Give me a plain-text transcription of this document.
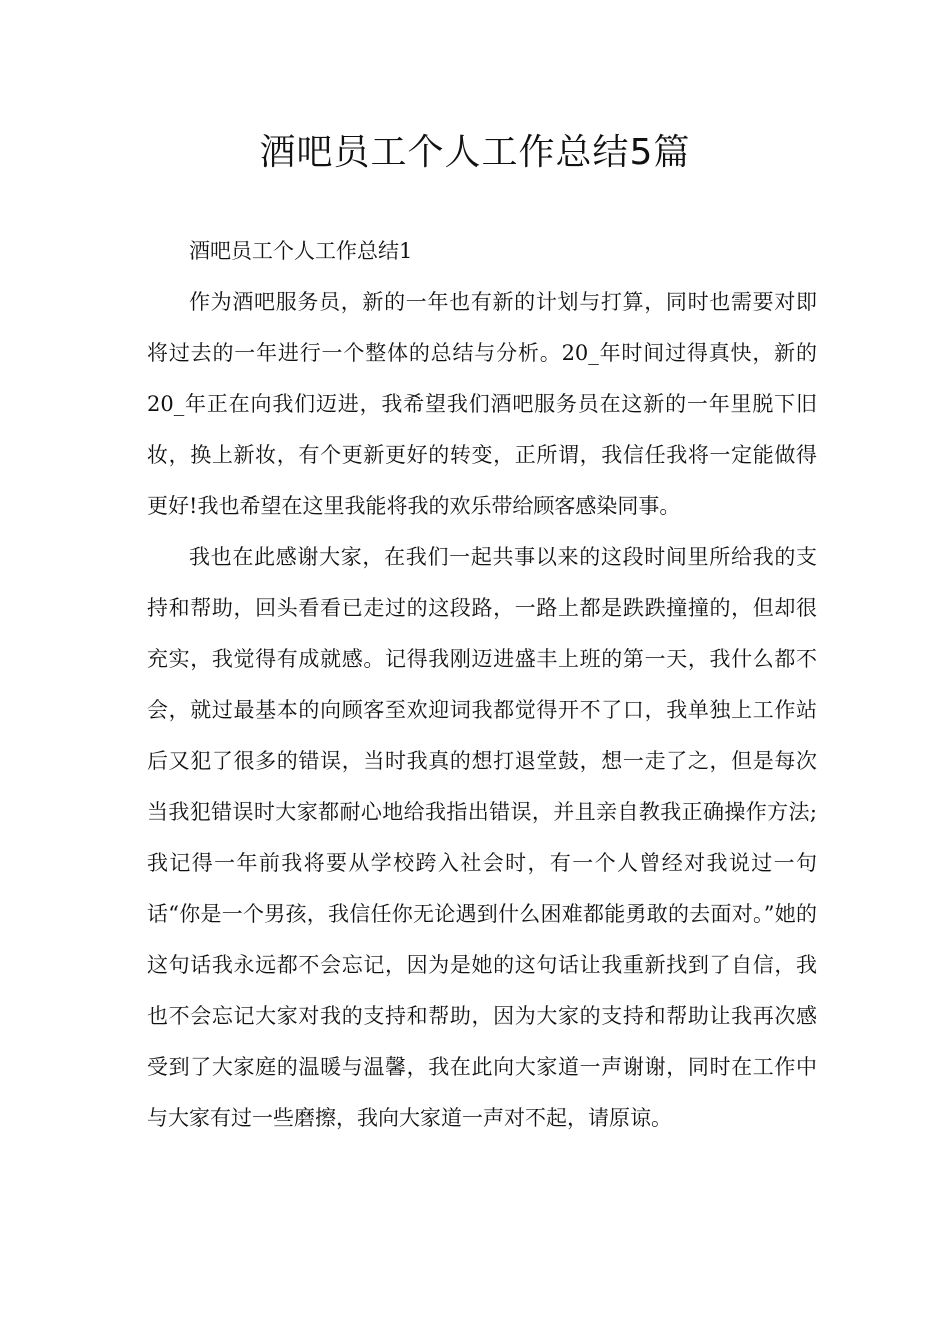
酒吧员工个人工作总结5篇

酒吧员工个人工作总结1

作为酒吧服务员，新的一年也有新的计划与打算，同时也需要对即将过去的一年进行一个整体的总结与分析。20_年时间过得真快，新的20_年正在向我们迈进，我希望我们酒吧服务员在这新的一年里脱下旧妆，换上新妆，有个更新更好的转变，正所谓，我信任我将一定能做得更好!我也希望在这里我能将我的欢乐带给顾客感染同事。

我也在此感谢大家，在我们一起共事以来的这段时间里所给我的支持和帮助，回头看看已走过的这段路，一路上都是跌跌撞撞的，但却很充实，我觉得有成就感。记得我刚迈进盛丰上班的第一天，我什么都不会，就过最基本的向顾客至欢迎词我都觉得开不了口，我单独上工作站后又犯了很多的错误，当时我真的想打退堂鼓，想一走了之，但是每次当我犯错误时大家都耐心地给我指出错误，并且亲自教我正确操作方法;我记得一年前我将要从学校跨入社会时，有一个人曾经对我说过一句话“你是一个男孩，我信任你无论遇到什么困难都能勇敢的去面对。”她的这句话我永远都不会忘记，因为是她的这句话让我重新找到了自信，我也不会忘记大家对我的支持和帮助，因为大家的支持和帮助让我再次感受到了大家庭的温暖与温馨，我在此向大家道一声谢谢，同时在工作中与大家有过一些磨擦，我向大家道一声对不起，请原谅。
